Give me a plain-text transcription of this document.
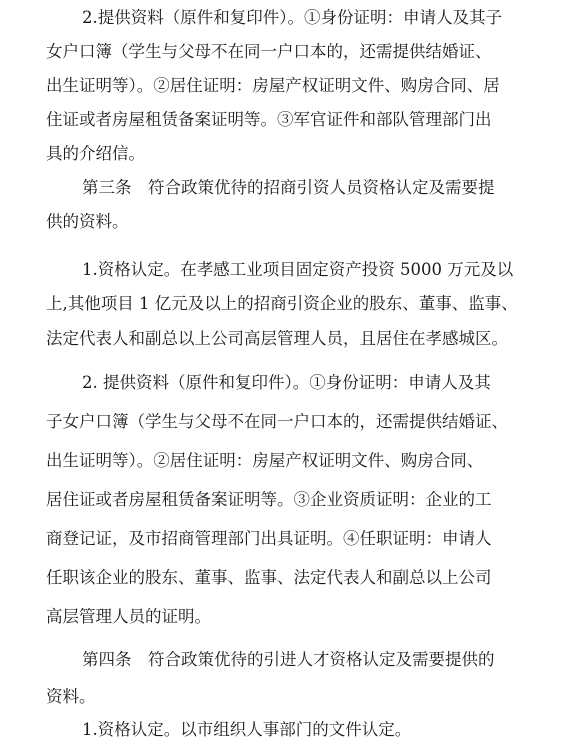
2.提供资料（原件和复印件）。①身份证明：申请人及其子
女户口簿（学生与父母不在同一户口本的，还需提供结婚证、
出生证明等）。②居住证明：房屋产权证明文件、购房合同、居
住证或者房屋租赁备案证明等。③军官证件和部队管理部门出
具的介绍信。
第三条　符合政策优待的招商引资人员资格认定及需要提
供的资料。
1.资格认定。在孝感工业项目固定资产投资 5000 万元及以
上,其他项目 1 亿元及以上的招商引资企业的股东、董事、监事、
法定代表人和副总以上公司高层管理人员，且居住在孝感城区。
2. 提供资料（原件和复印件）。①身份证明：申请人及其
子女户口簿（学生与父母不在同一户口本的，还需提供结婚证、
出生证明等）。②居住证明：房屋产权证明文件、购房合同、
居住证或者房屋租赁备案证明等。③企业资质证明：企业的工
商登记证，及市招商管理部门出具证明。④任职证明：申请人
任职该企业的股东、董事、监事、法定代表人和副总以上公司
高层管理人员的证明。
第四条　符合政策优待的引进人才资格认定及需要提供的
资料。
1.资格认定。以市组织人事部门的文件认定。
